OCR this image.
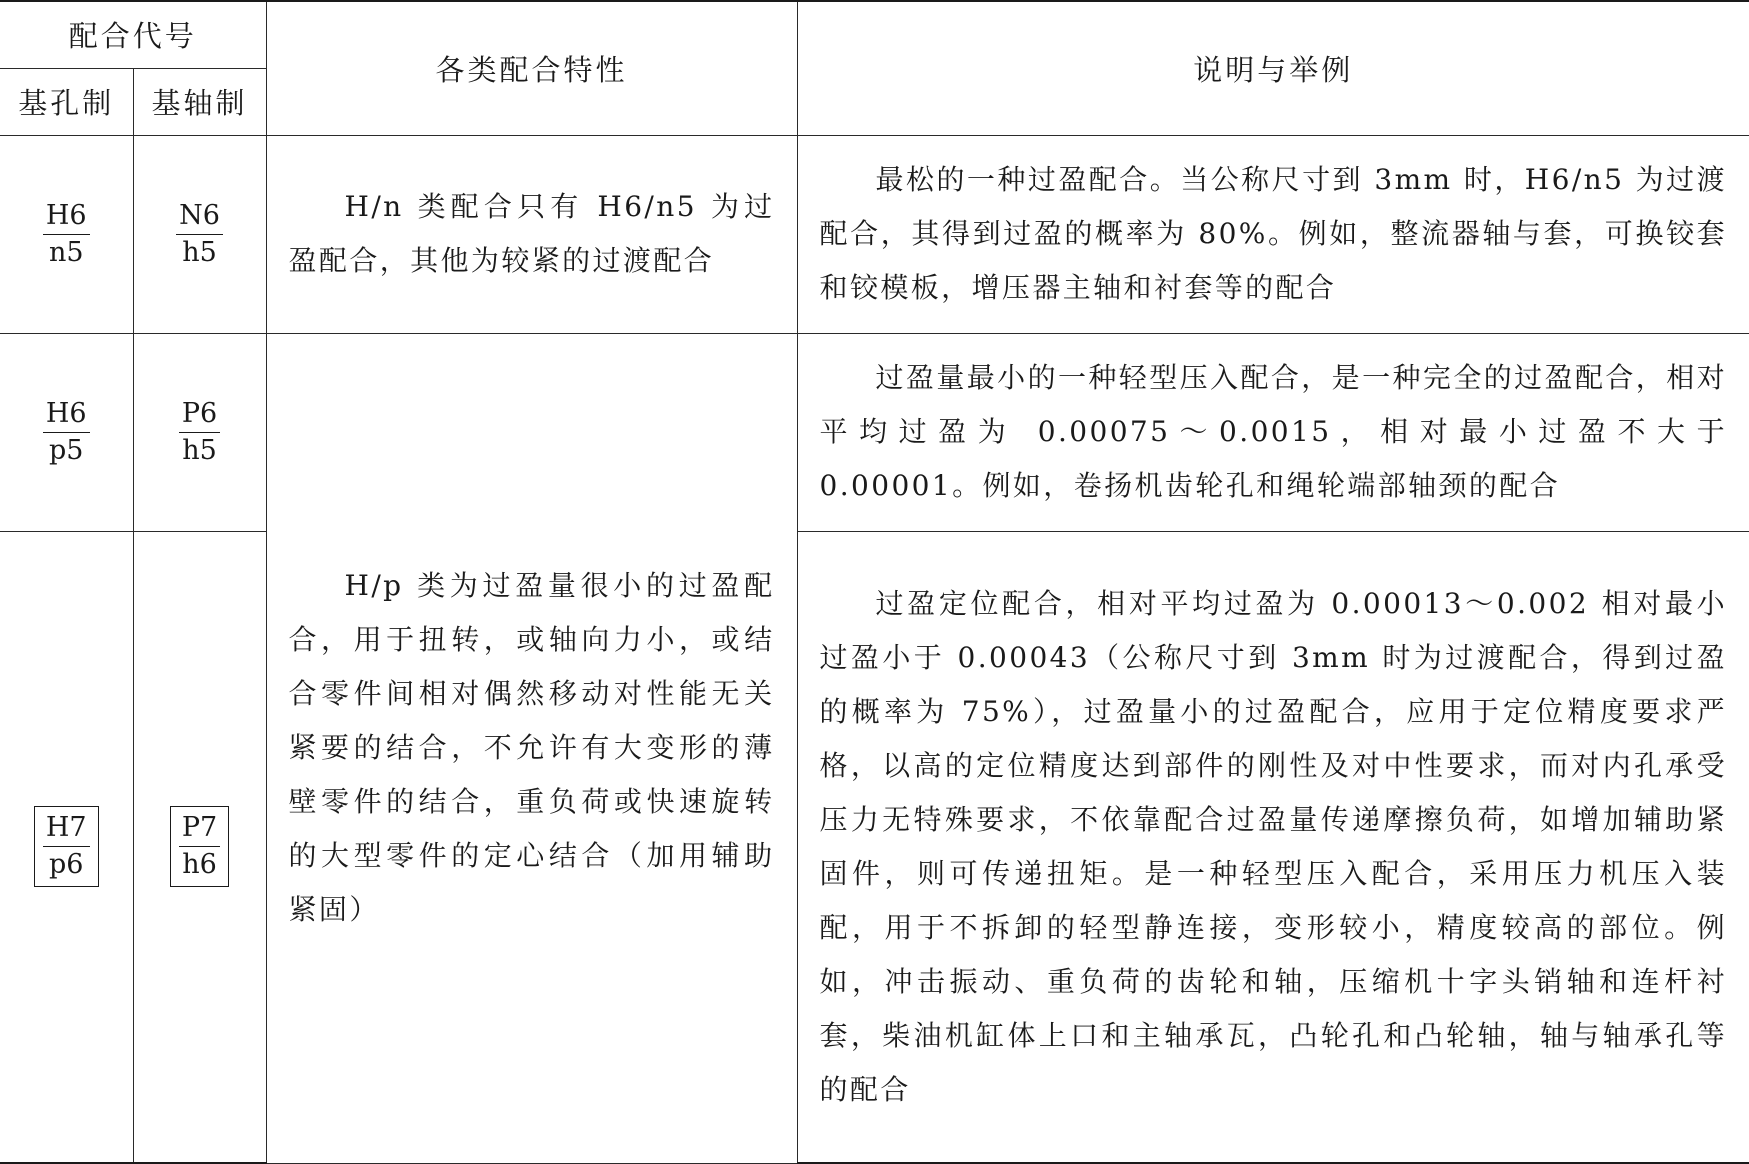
配合代号		各类配合特性	说明与举例
基孔制	基轴制		

$\frac{H6}{n5}$	$\frac{N6}{h5}$	H/n 类配合只有 H6/n5 为过盈配合，其他为较紧的过渡配合	最松的一种过盈配合。当公称尺寸到 3mm 时，H6/n5 为过渡配合，其得到过盈的概率为 80%。例如，整流器轴与套，可换铰套和铰模板，增压器主轴和衬套等的配合

$\frac{H6}{p5}$	$\frac{P6}{h5}$	H/p 类为过盈量很小的过盈配合，用于扭转，或轴向力小，或结合零件间相对偶然移动对性能无关紧要的结合，不允许有大变形的薄壁零件的结合，重负荷或快速旋转的大型零件的定心结合（加用辅助紧固）	过盈量最小的一种轻型压入配合，是一种完全的过盈配合，相对平均过盈为 0.00075～0.0015，相对最小过盈不大于 0.00001。例如，卷扬机齿轮孔和绳轮端部轴颈的配合

$\frac{H7}{p6}$	$\frac{P7}{h6}$		过盈定位配合，相对平均过盈为 0.00013～0.002 相对最小过盈小于 0.00043（公称尺寸到 3mm 时为过渡配合，得到过盈的概率为 75%），过盈量小的过盈配合，应用于定位精度要求严格，以高的定位精度达到部件的刚性及对中性要求，而对内孔承受压力无特殊要求，不依靠配合过盈量传递摩擦负荷，如增加辅助紧固件，则可传递扭矩。是一种轻型压入配合，采用压力机压入装配，用于不拆卸的轻型静连接，变形较小，精度较高的部位。例如，冲击振动、重负荷的齿轮和轴，压缩机十字头销轴和连杆衬套，柴油机缸体上口和主轴承瓦，凸轮孔和凸轮轴，轴与轴承孔等的配合
